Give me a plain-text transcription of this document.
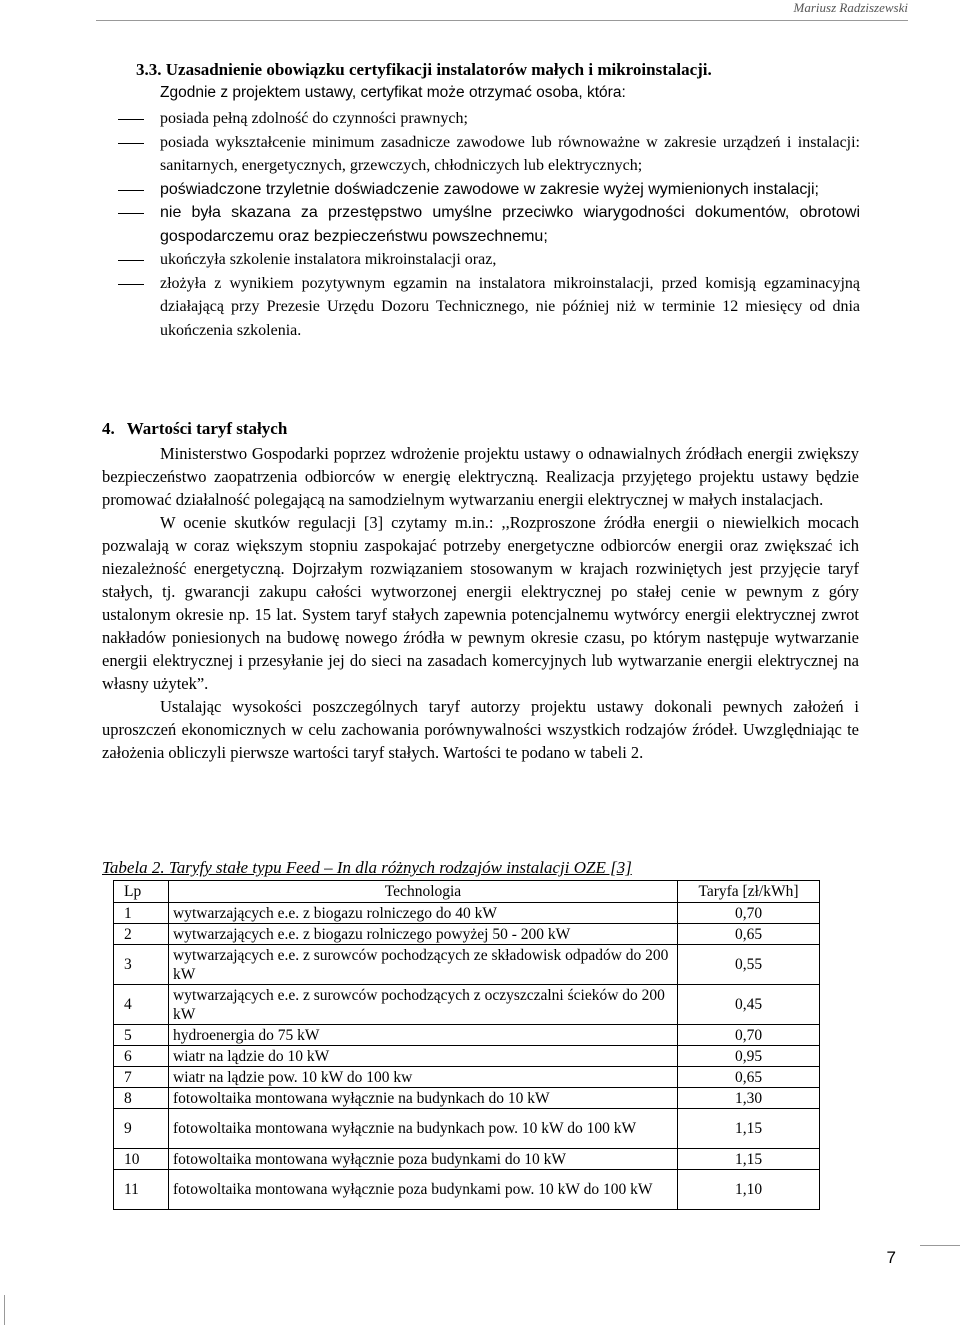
Mariusz Radziszewski
3.3. Uzasadnienie obowiązku certyfikacji instalatorów małych i mikroinstalacji.
Zgodnie z projektem ustawy, certyfikat może otrzymać osoba, która:
posiada pełną zdolność do czynności prawnych;
posiada wykształcenie minimum zasadnicze zawodowe lub równoważne w zakresie urządzeń i instalacji: sanitarnych, energetycznych, grzewczych, chłodniczych lub elektrycznych;
poświadczone trzyletnie doświadczenie zawodowe w zakresie wyżej wymienionych instalacji;
nie była skazana za przestępstwo umyślne przeciwko wiarygodności dokumentów, obrotowi gospodarczemu oraz bezpieczeństwu powszechnemu;
ukończyła szkolenie instalatora mikroinstalacji oraz,
złożyła z wynikiem pozytywnym egzamin na instalatora mikroinstalacji, przed komisją egzaminacyjną działającą przy Prezesie Urzędu Dozoru Technicznego, nie później niż w terminie 12 miesięcy od dnia ukończenia szkolenia.
4. Wartości taryf stałych

Ministerstwo Gospodarki poprzez wdrożenie projektu ustawy o odnawialnych źródłach energii zwiększy bezpieczeństwo zaopatrzenia odbiorców w energię elektryczną. Realizacja przyjętego projektu ustawy będzie promować działalność polegającą na samodzielnym wytwarzaniu energii elektrycznej w małych instalacjach.

W ocenie skutków regulacji [3] czytamy m.in.: ,,Rozproszone źródła energii o niewielkich mocach pozwalają w coraz większym stopniu zaspokajać potrzeby energetyczne odbiorców energii oraz zwiększać ich niezależność energetyczną. Dojrzałym rozwiązaniem stosowanym w krajach rozwiniętych jest przyjęcie taryf stałych, tj. gwarancji zakupu całości wytworzonej energii elektrycznej po stałej cenie w pewnym z góry ustalonym okresie np. 15 lat. System taryf stałych zapewnia potencjalnemu wytwórcy energii elektrycznej zwrot nakładów poniesionych na budowę nowego źródła w pewnym okresie czasu, po którym następuje wytwarzanie energii elektrycznej i przesyłanie jej do sieci na zasadach komercyjnych lub wytwarzanie energii elektrycznej na własny użytek”.

Ustalając wysokości poszczególnych taryf autorzy projektu ustawy dokonali pewnych założeń i uproszczeń ekonomicznych w celu zachowania porównywalności wszystkich rodzajów źródeł. Uwzględniając te założenia obliczyli pierwsze wartości taryf stałych. Wartości te podano w tabeli 2.

Tabela 2. Taryfy stałe typu Feed – In dla różnych rodzajów instalacji OZE [3]
Lp	Technologia	Taryfa [zł/kWh]
1	wytwarzających e.e. z biogazu rolniczego do 40 kW	0,70
2	wytwarzających e.e. z biogazu rolniczego powyżej 50 - 200 kW	0,65
3	wytwarzających e.e. z surowców pochodzących ze składowisk odpadów do 200 kW	0,55
4	wytwarzających e.e. z surowców pochodzących z oczyszczalni ścieków do 200 kW	0,45
5	hydroenergia do 75 kW	0,70
6	wiatr na lądzie do 10 kW	0,95
7	wiatr na lądzie pow. 10 kW do 100 kw	0,65
8	fotowoltaika montowana wyłącznie na budynkach do 10 kW	1,30
9	fotowoltaika montowana wyłącznie na budynkach pow. 10 kW do 100 kW	1,15
10	fotowoltaika montowana wyłącznie poza budynkami do 10 kW	1,15
11	fotowoltaika montowana wyłącznie poza budynkami pow. 10 kW do 100 kW	1,10
7
